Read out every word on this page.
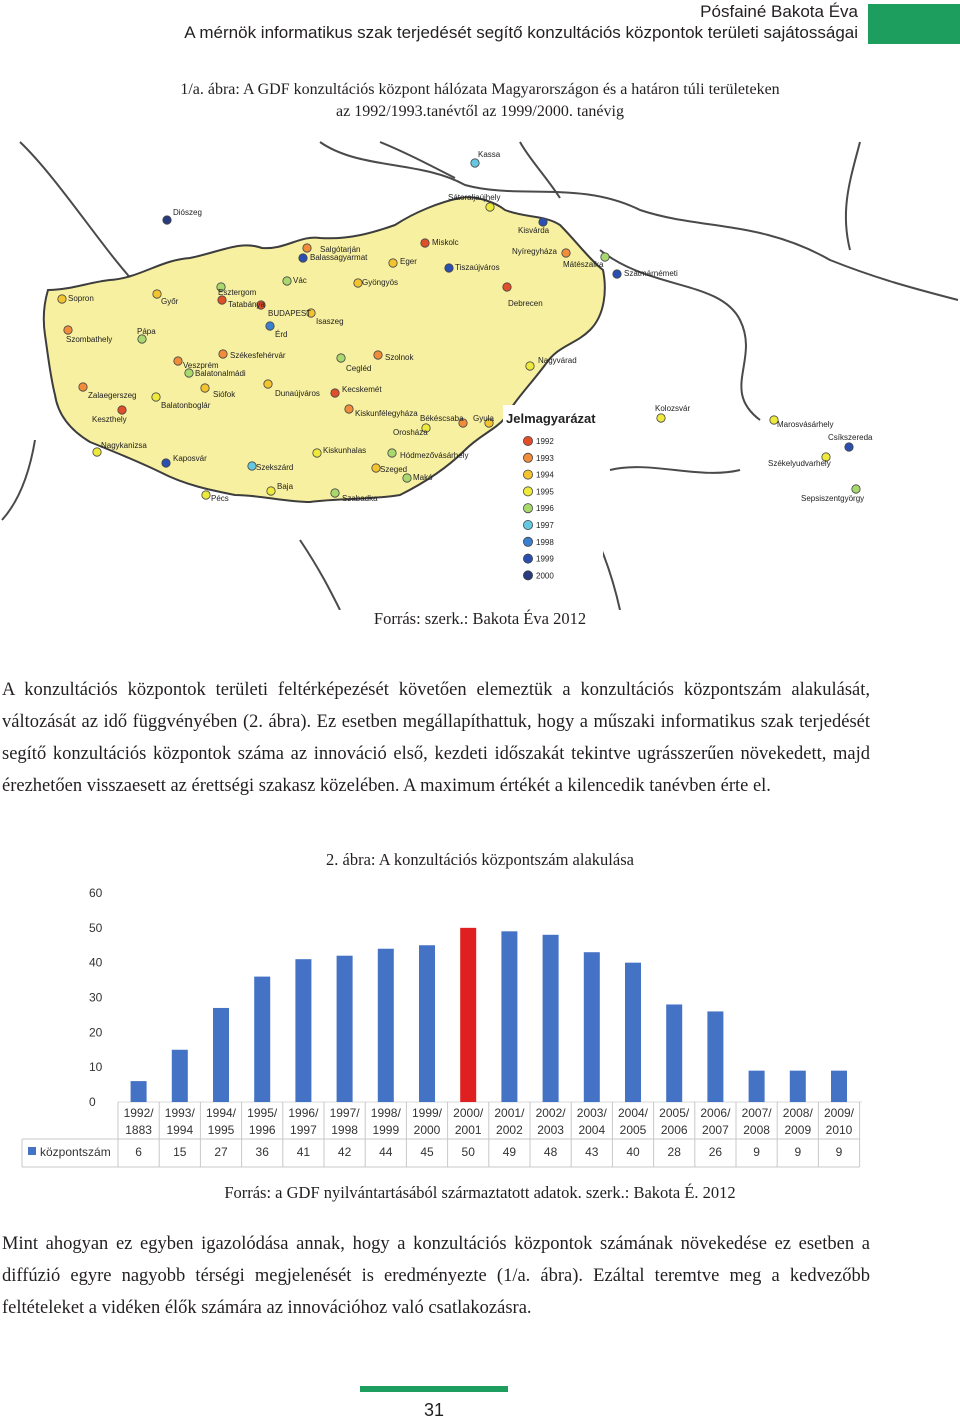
Pósfainé Bakota Éva
A mérnök informatikus szak terjedését segítő konzultációs központok területi sajátosságai
1/a. ábra: A GDF konzultációs központ hálózata Magyarországon és a határon túli területeken
az 1992/1993.tanévtől az 1999/2000. tanévig
Kassa
Sátoraljaújhely
Diószeg
Kisvárda
Miskolc
Salgótarján
Balassagyarmat
Nyíregyháza
Eger	Mátészalka
Tiszaújváros
Szatmárnémeti
Vác	Gyöngyös
Sopron
Esztergom
Győr	Tatabánya	Debrecen
BUDAPEST
Isaszeg
Pápa
Szombathely
Érd
Székesfehérvár	Szolnok	Nagyvárad
Veszprém	Cegléd
Balatonalmádi
Zalaegerszeg	Siófok	Dunaújváros	Kecskemét
Balatonboglár
Keszthely
Kiskunfélegyháza
Békéscsaba Gyula
Kolozsvár
Marosvásárhely
Orosháza
Csíkszereda
Nagykanizsa
Kiskunhalas
Hódmezővásárhely
Kaposvár
Szeged
Székelyudvarhely
Szekszárd
Makó
Baja
Pécs	Szabadka	Sepsiszentgyörgy
Jelmagyarázat
1992
1993
1994
1995
1996
1997
1998
1999
2000
Forrás: szerk.: Bakota Éva 2012
A konzultációs központok területi feltérképezését követően elemeztük a konzultációs központszám alakulását, változását az idő függvényében (2. ábra). Ez esetben megállapíthattuk, hogy a műszaki informatikus szak terjedését segítő konzultációs központok száma az innováció első, kezdeti időszakát tekintve ugrásszerűen növekedett, majd érezhetően visszaesett az érettségi szakasz közelében. A maximum értékét a kilencedik tanévben érte el.
2. ábra: A konzultációs központszám alakulása
0
10
20
30
40
50
60
1992/ 1883
1993/ 1994
1994/ 1995
1995/ 1996
1996/ 1997
1997/ 1998
1998/ 1999
1999/ 2000
2000/ 2001
2001/ 2002
2002/ 2003
2003/ 2004
2004/ 2005
2005/ 2006
2006/ 2007
2007/ 2008
2008/ 2009
2009/ 2010
központszám 6	15 27 36 41 42 44 45 50 49 48 43 40 28 26	9	9	9
Forrás: a GDF nyilvántartásából származtatott adatok. szerk.: Bakota É. 2012
Mint ahogyan ez egyben igazolódása annak, hogy a konzultációs központok számának növekedése ez esetben a diffúzió egyre nagyobb térségi megjelenését is eredményezte (1/a. ábra). Ezáltal teremtve meg a kedvezőbb feltételeket a vidéken élők számára az innovációhoz való csatlakozásra.
31
